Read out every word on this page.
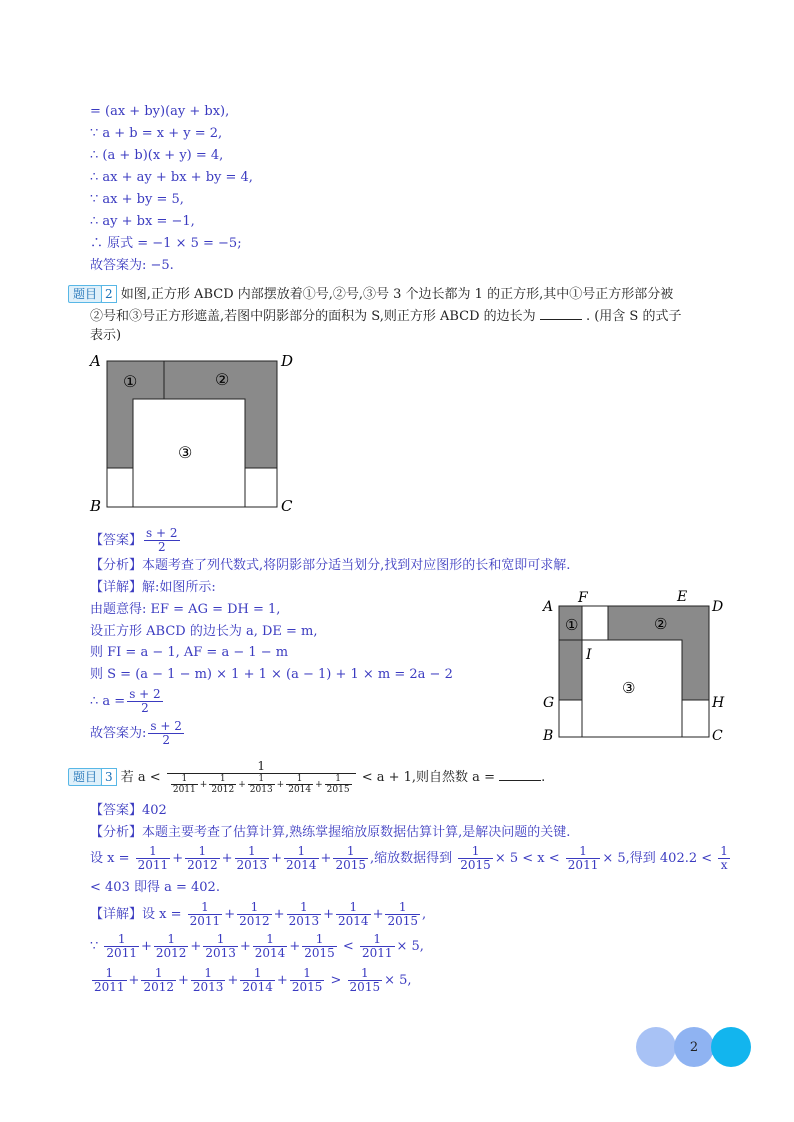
= (ax + by)(ay + bx),
∵ a + b = x + y = 2,
∴ (a + b)(x + y) = 4,
∴ ax + ay + bx + by = 4,
∵ ax + by = 5,
∴ ay + bx = −1,
∴ 原式 = −1 × 5 = −5;
故答案为: −5.
题目 2 如图,正方形 ABCD 内部摆放着①号,②号,③号 3 个边长都为 1 的正方形,其中①号正方形部分被
②号和③号正方形遮盖,若图中阴影部分的面积为 S,则正方形 ABCD 的边长为	. (用含 S 的式子
表示)
A	D
B	C
①	②
③
【答案】 $\frac{s + 2}{2}$
【分析】本题考查了列代数式,将阴影部分适当划分,找到对应图形的长和宽即可求解.
【详解】解:如图所示:
由题意得: EF = AG = DH = 1,
设正方形 ABCD 的边长为 a, DE = m,
则 FI = a − 1, AF = a − 1 − m
则 S = (a − 1 − m) × 1 + 1 × (a − 1) + 1 × m = 2a − 2
∴ $a = \frac{s + 2}{2}$
故答案为: $\frac{s + 2}{2}$
A
F	E
D
I
G	H
B	C
①	②
③
题目 3 若 $a < \frac{1}{\frac{1}{2011} + \frac{1}{2012} + \frac{1}{2013} + \frac{1}{2014} + \frac{1}{2015}} < a + 1$,则自然数 a =	.
【答案】402
【分析】本题主要考查了估算计算,熟练掌握缩放原数据估算计算,是解决问题的关键.
设 $x = \frac{1}{2011} + \frac{1}{2012} + \frac{1}{2013} + \frac{1}{2014} + \frac{1}{2015}$ ,缩放数据得到 $\frac{1}{2015} \times 5 < x < \frac{1}{2011} \times 5$,得到 $402.2 < \frac{1}{x}$
< 403 即得 a = 402.
【详解】设 $x = \frac{1}{2011} + \frac{1}{2012} + \frac{1}{2013} + \frac{1}{2014} + \frac{1}{2015}$ ,
∵ $\frac{1}{2011} + \frac{1}{2012} + \frac{1}{2013} + \frac{1}{2014} + \frac{1}{2015} < \frac{1}{2011} \times 5$,
$\frac{1}{2011} + \frac{1}{2012} + \frac{1}{2013} + \frac{1}{2014} + \frac{1}{2015} > \frac{1}{2015} \times 5$,
2
